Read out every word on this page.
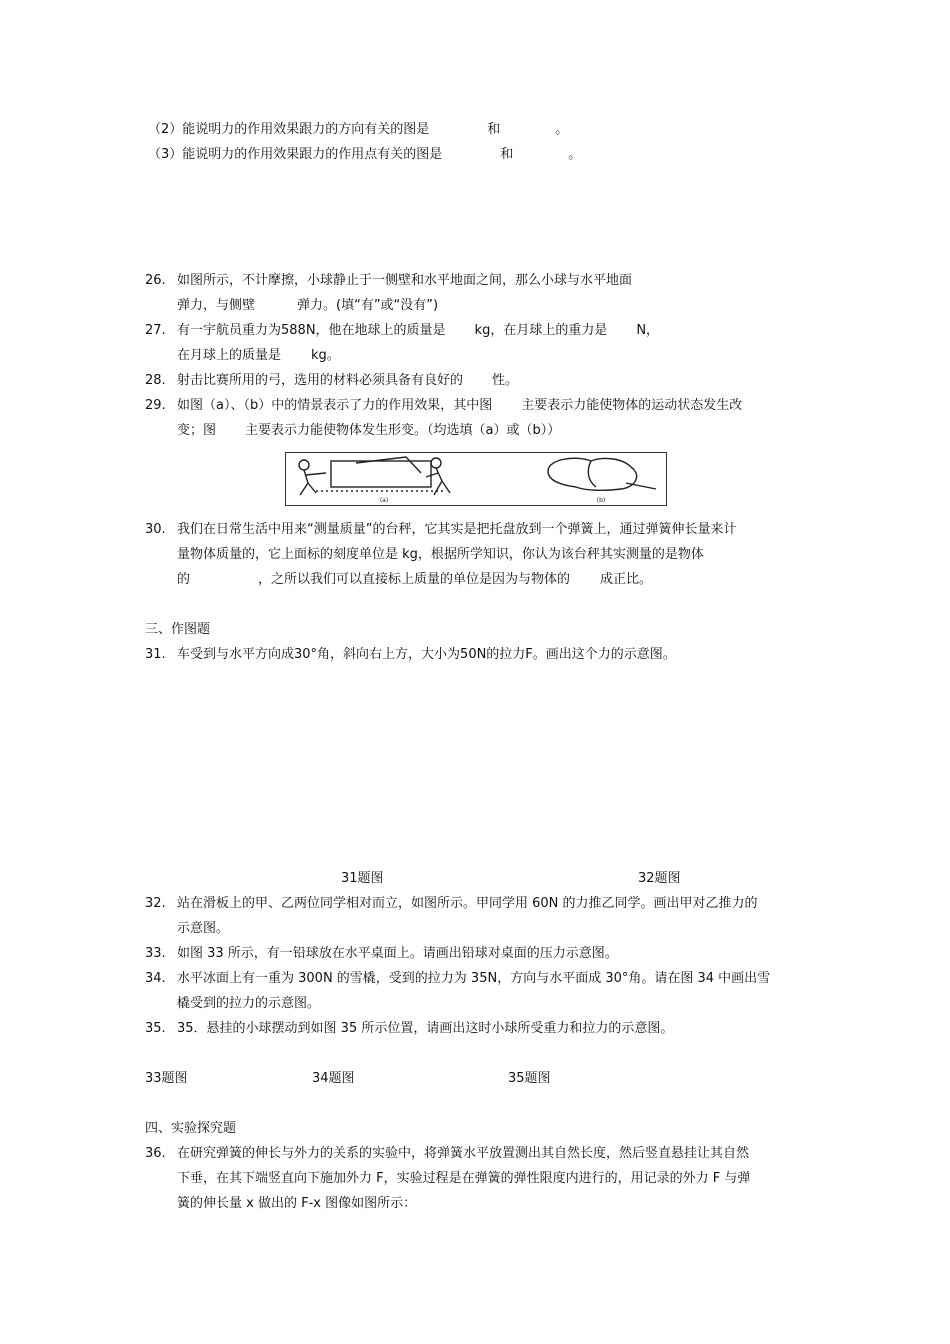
（2）能说明力的作用效果跟力的方向有关的图是	和	。
（3）能说明力的作用效果跟力的作用点有关的图是	和	。
26. 如图所示，不计摩擦，小球静止于一侧壁和水平地面之间，那么小球与水平地面
弹力，与侧壁	弹力。(填“有”或“没有”)
27. 有一宇航员重力为588N，他在地球上的质量是 kg，在月球上的重力是 N，
在月球上的质量是 kg。
28. 射击比赛所用的弓，选用的材料必须具备有良好的 性。
29. 如图（a）、（b）中的情景表示了力的作用效果，其中图 主要表示力能使物体的运动状态发生改
变；图 主要表示力能使物体发生形变。（均选填（a）或（b））
(a)	(b)
30. 我们在日常生活中用来“测量质量”的台秤，它其实是把托盘放到一个弹簧上，通过弹簧伸长量来计
量物体质量的，它上面标的刻度单位是 kg，根据所学知识，你认为该台秤其实测量的是物体
的	，之所以我们可以直接标上质量的单位是因为与物体的 成正比。
三、作图题
31. 车受到与水平方向成30°角，斜向右上方，大小为50N的拉力F。画出这个力的示意图。
31题图	32题图
32. 站在滑板上的甲、乙两位同学相对而立，如图所示。甲同学用 60N 的力推乙同学。画出甲对乙推力的
示意图。
33. 如图 33 所示，有一铅球放在水平桌面上。请画出铅球对桌面的压力示意图。
34. 水平冰面上有一重为 300N 的雪橇，受到的拉力为 35N，方向与水平面成 30°角。请在图 34 中画出雪
橇受到的拉力的示意图。
35. 35．悬挂的小球摆动到如图 35 所示位置，请画出这时小球所受重力和拉力的示意图。
33题图	34题图	35题图
四、实验探究题
36. 在研究弹簧的伸长与外力的关系的实验中，将弹簧水平放置测出其自然长度，然后竖直悬挂让其自然
下垂，在其下端竖直向下施加外力 F，实验过程是在弹簧的弹性限度内进行的，用记录的外力 F 与弹
簧的伸长量 x 做出的 F-x 图像如图所示：
